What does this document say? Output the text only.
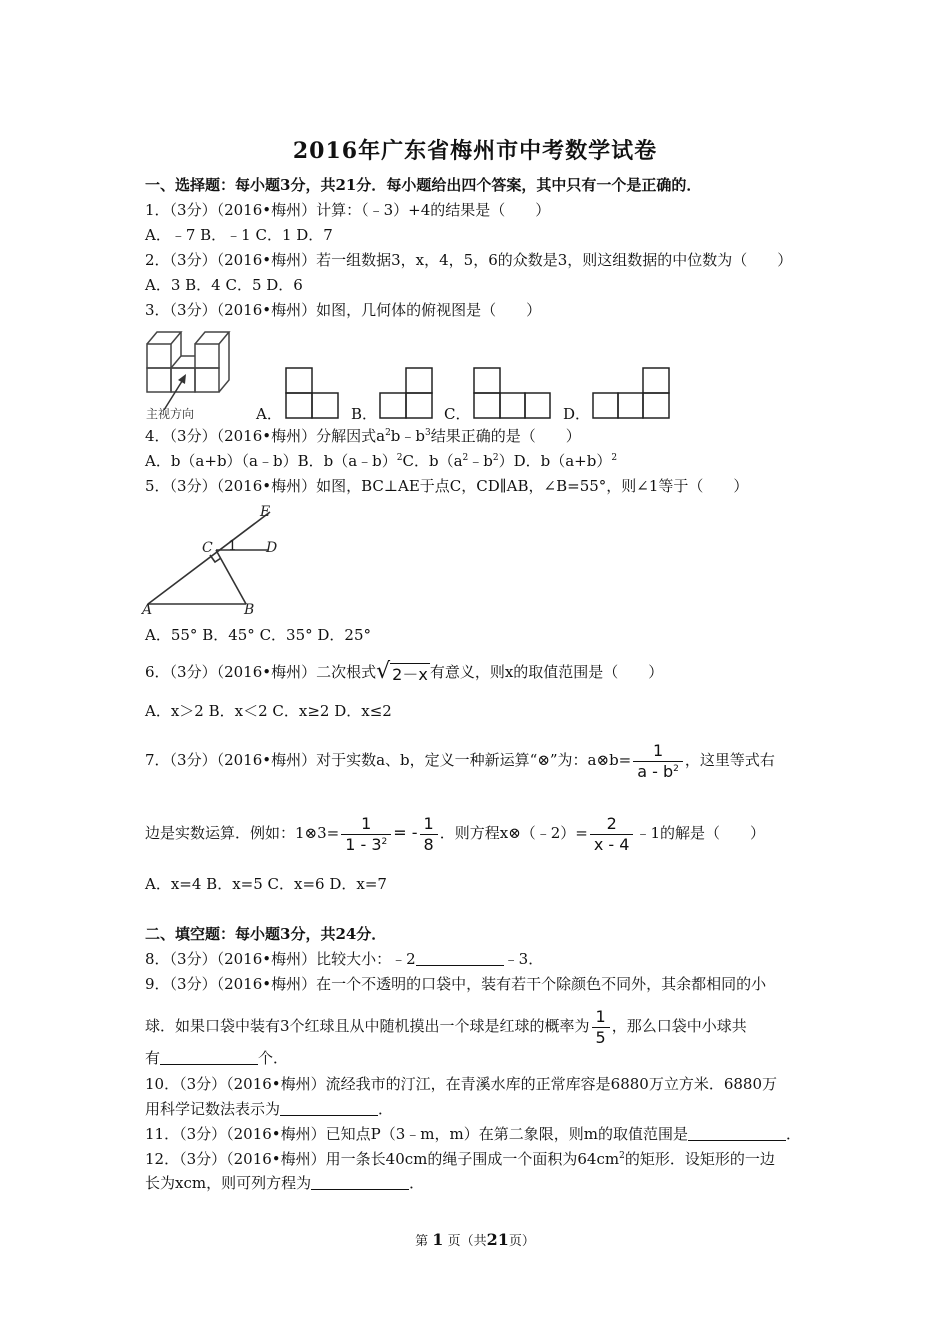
2016年广东省梅州市中考数学试卷
一、选择题：每小题3分，共21分．每小题给出四个答案，其中只有一个是正确的．
1．（3分）（2016•梅州）计算：（﹣3）+4的结果是（　　）
A．﹣7 B．﹣1 C．1 D．7
2．（3分）（2016•梅州）若一组数据3，x，4，5，6的众数是3，则这组数据的中位数为（　　）
A．3 B．4 C．5 D．6
3．（3分）（2016•梅州）如图，几何体的俯视图是（　　）
主视方向	A．	B．	C．	D．
4．（3分）（2016•梅州）分解因式$a^2b﹣b^3$结果正确的是（　　）
A．b（a+b）（a﹣b）B．b（a﹣b）$^2$C．$b(a^2﹣b^2)D$．$b(a+b)^2$
5．（3分）（2016•梅州）如图，BC⊥AE于点C，CD∥AB，∠B=55°，则∠1等于（　　）
E
C	D
A	B
1
A．55° B．45° C．35° D．25°
6．（3分）（2016•梅州）二次根式 √ 2－x 有意义，则x的取值范围是（　　）
A．x＞2 B．x＜2 C．x≥2 D．x≤2
7．（3分）（2016•梅州）对于实数a、b，定义一种新运算“⊗”为：a⊗b= $\frac{1}{a - b^2}$ ，这里等式右
边是实数运算．例如：1⊗3= $\frac{1}{1 - 3^2}$ = - $\frac{1}{8}$ ．则方程x⊗（﹣2）= $\frac{2}{x - 4}$ ﹣1的解是（　　）
A．x=4 B．x=5 C．x=6 D．x=7
二、填空题：每小题3分，共24分．
8．（3分）（2016•梅州）比较大小：﹣2	﹣3．
9．（3分）（2016•梅州）在一个不透明的口袋中，装有若干个除颜色不同外，其余都相同的小
球．如果口袋中装有3个红球且从中随机摸出一个球是红球的概率为 $\frac{1}{5}$ ，那么口袋中小球共
有	个．
10．（3分）（2016•梅州）流经我市的汀江，在青溪水库的正常库容是6880万立方米．6880万
用科学记数法表示为	．
11．（3分）（2016•梅州）已知点P（3﹣m，m）在第二象限，则m的取值范围是	．
12．（3分）（2016•梅州）用一条长40cm的绳子围成一个面积为$64cm^2$的矩形．设矩形的一边
长为xcm，则可列方程为	．
第 1 页（共21页）
